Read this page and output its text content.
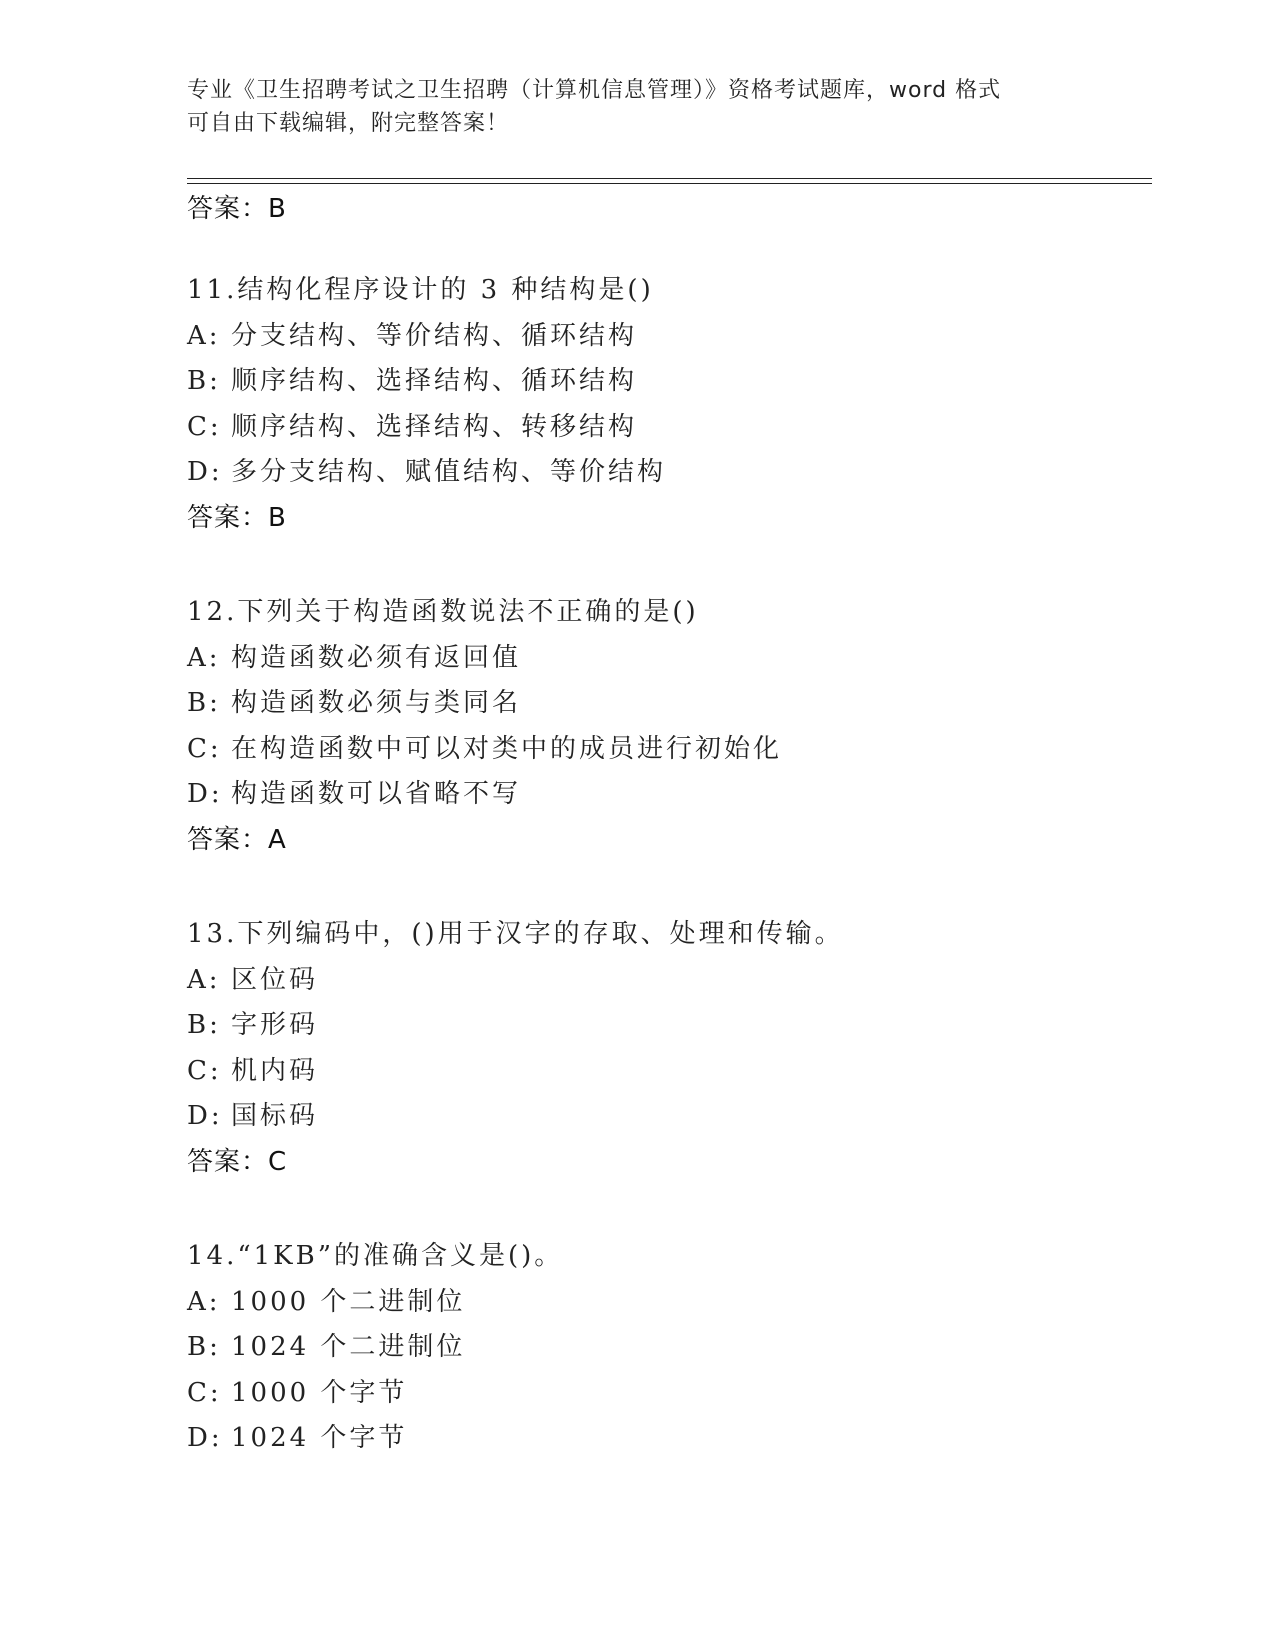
专业《卫生招聘考试之卫生招聘（计算机信息管理）》资格考试题库，word 格式
可自由下载编辑，附完整答案！
答案：B
11.结构化程序设计的 3 种结构是()
A: 分支结构、等价结构、循环结构
B: 顺序结构、选择结构、循环结构
C: 顺序结构、选择结构、转移结构
D: 多分支结构、赋值结构、等价结构
答案：B
12.下列关于构造函数说法不正确的是()
A: 构造函数必须有返回值
B: 构造函数必须与类同名
C: 在构造函数中可以对类中的成员进行初始化
D: 构造函数可以省略不写
答案：A
13.下列编码中，()用于汉字的存取、处理和传输。
A: 区位码
B: 字形码
C: 机内码
D: 国标码
答案：C
14.“1KB”的准确含义是()。
A: 1000 个二进制位
B: 1024 个二进制位
C: 1000 个字节
D: 1024 个字节
